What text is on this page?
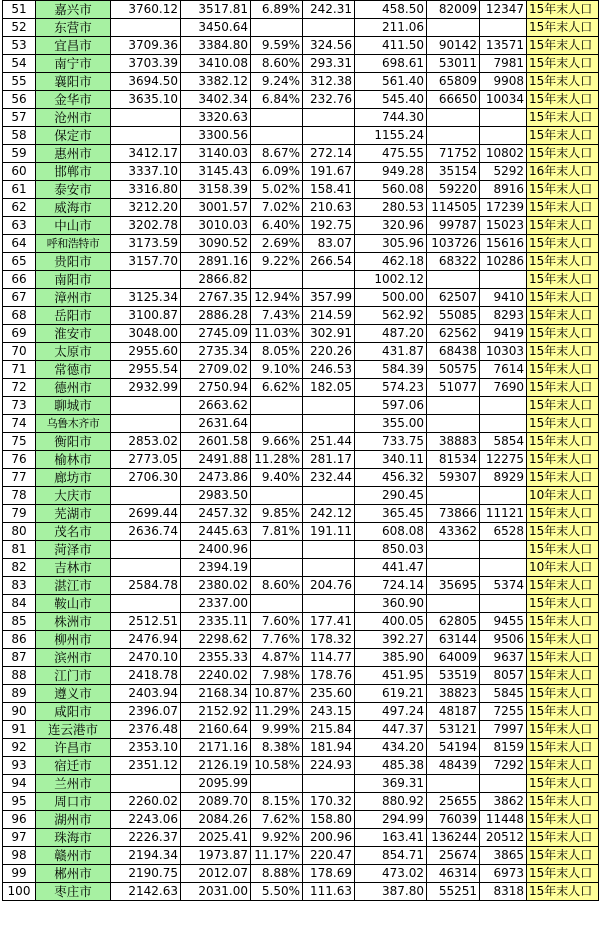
51	嘉兴市	3760.12	3517.81	6.89%	242.31	458.50	82009	12347	15年末人口
52	东营市		3450.64			211.06			15年末人口
53	宜昌市	3709.36	3384.80	9.59%	324.56	411.50	90142	13571	15年末人口
54	南宁市	3703.39	3410.08	8.60%	293.31	698.61	53011	7981	15年末人口
55	襄阳市	3694.50	3382.12	9.24%	312.38	561.40	65809	9908	15年末人口
56	金华市	3635.10	3402.34	6.84%	232.76	545.40	66650	10034	15年末人口
57	沧州市		3320.63			744.30			15年末人口
58	保定市		3300.56			1155.24			15年末人口
59	惠州市	3412.17	3140.03	8.67%	272.14	475.55	71752	10802	15年末人口
60	邯郸市	3337.10	3145.43	6.09%	191.67	949.28	35154	5292	16年末人口
61	泰安市	3316.80	3158.39	5.02%	158.41	560.08	59220	8916	15年末人口
62	威海市	3212.20	3001.57	7.02%	210.63	280.53	114505	17239	15年末人口
63	中山市	3202.78	3010.03	6.40%	192.75	320.96	99787	15023	15年末人口
64	呼和浩特市	3173.59	3090.52	2.69%	83.07	305.96	103726	15616	15年末人口
65	贵阳市	3157.70	2891.16	9.22%	266.54	462.18	68322	10286	15年末人口
66	南阳市		2866.82			1002.12			15年末人口
67	漳州市	3125.34	2767.35	12.94%	357.99	500.00	62507	9410	15年末人口
68	岳阳市	3100.87	2886.28	7.43%	214.59	562.92	55085	8293	15年末人口
69	淮安市	3048.00	2745.09	11.03%	302.91	487.20	62562	9419	15年末人口
70	太原市	2955.60	2735.34	8.05%	220.26	431.87	68438	10303	15年末人口
71	常德市	2955.54	2709.02	9.10%	246.53	584.39	50575	7614	15年末人口
72	德州市	2932.99	2750.94	6.62%	182.05	574.23	51077	7690	15年末人口
73	聊城市		2663.62			597.06			15年末人口
74	乌鲁木齐市		2631.64			355.00			15年末人口
75	衡阳市	2853.02	2601.58	9.66%	251.44	733.75	38883	5854	15年末人口
76	榆林市	2773.05	2491.88	11.28%	281.17	340.11	81534	12275	15年末人口
77	廊坊市	2706.30	2473.86	9.40%	232.44	456.32	59307	8929	15年末人口
78	大庆市		2983.50			290.45			10年末人口
79	芜湖市	2699.44	2457.32	9.85%	242.12	365.45	73866	11121	15年末人口
80	茂名市	2636.74	2445.63	7.81%	191.11	608.08	43362	6528	15年末人口
81	菏泽市		2400.96			850.03			15年末人口
82	吉林市		2394.19			441.47			10年末人口
83	湛江市	2584.78	2380.02	8.60%	204.76	724.14	35695	5374	15年末人口
84	鞍山市		2337.00			360.90			15年末人口
85	株洲市	2512.51	2335.11	7.60%	177.41	400.05	62805	9455	15年末人口
86	柳州市	2476.94	2298.62	7.76%	178.32	392.27	63144	9506	15年末人口
87	滨州市	2470.10	2355.33	4.87%	114.77	385.90	64009	9637	15年末人口
88	江门市	2418.78	2240.02	7.98%	178.76	451.95	53519	8057	15年末人口
89	遵义市	2403.94	2168.34	10.87%	235.60	619.21	38823	5845	15年末人口
90	咸阳市	2396.07	2152.92	11.29%	243.15	497.24	48187	7255	15年末人口
91	连云港市	2376.48	2160.64	9.99%	215.84	447.37	53121	7997	15年末人口
92	许昌市	2353.10	2171.16	8.38%	181.94	434.20	54194	8159	15年末人口
93	宿迁市	2351.12	2126.19	10.58%	224.93	485.38	48439	7292	15年末人口
94	兰州市		2095.99			369.31			15年末人口
95	周口市	2260.02	2089.70	8.15%	170.32	880.92	25655	3862	15年末人口
96	湖州市	2243.06	2084.26	7.62%	158.80	294.99	76039	11448	15年末人口
97	珠海市	2226.37	2025.41	9.92%	200.96	163.41	136244	20512	15年末人口
98	赣州市	2194.34	1973.87	11.17%	220.47	854.71	25674	3865	15年末人口
99	郴州市	2190.75	2012.07	8.88%	178.69	473.02	46314	6973	15年末人口
100	枣庄市	2142.63	2031.00	5.50%	111.63	387.80	55251	8318	15年末人口
